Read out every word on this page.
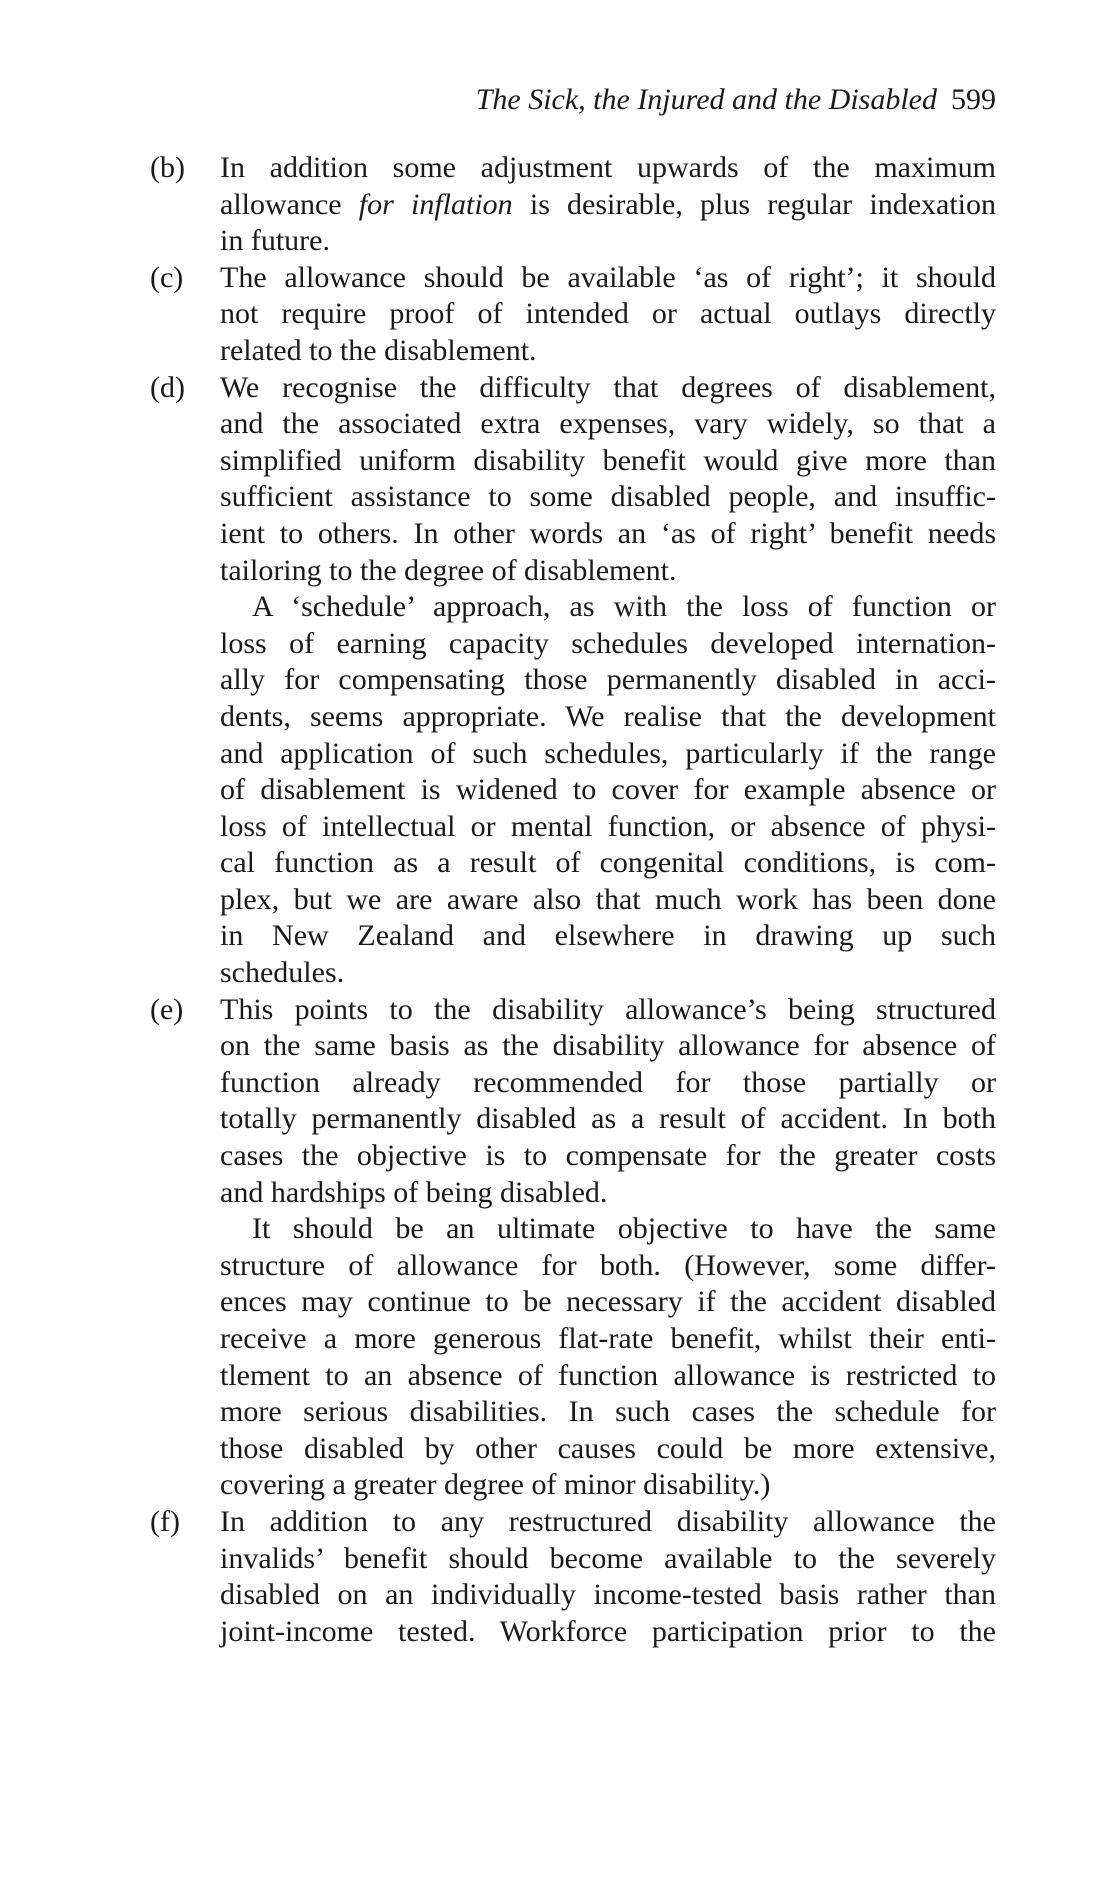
The Sick, the Injured and the Disabled 599
(b)	In addition some adjustment upwards of the maximum
allowance for inflation is desirable, plus regular indexation
in future.
(c)	The allowance should be available ‘as of right’; it should
not require proof of intended or actual outlays directly
related to the disablement.
(d)	We recognise the difficulty that degrees of disablement,
and the associated extra expenses, vary widely, so that a
simplified uniform disability benefit would give more than
sufficient assistance to some disabled people, and insuffic-
ient to others. In other words an ‘as of right’ benefit needs
tailoring to the degree of disablement.

A ‘schedule’ approach, as with the loss of function or
loss of earning capacity schedules developed internation-
ally for compensating those permanently disabled in acci-
dents, seems appropriate. We realise that the development
and application of such schedules, particularly if the range
of disablement is widened to cover for example absence or
loss of intellectual or mental function, or absence of physi-
cal function as a result of congenital conditions, is com-
plex, but we are aware also that much work has been done
in New Zealand and elsewhere in drawing up such
schedules.

(e)	This points to the disability allowance’s being structured
on the same basis as the disability allowance for absence of
function already recommended for those partially or
totally permanently disabled as a result of accident. In both
cases the objective is to compensate for the greater costs
and hardships of being disabled.

It should be an ultimate objective to have the same
structure of allowance for both. (However, some differ-
ences may continue to be necessary if the accident disabled
receive a more generous flat-rate benefit, whilst their enti-
tlement to an absence of function allowance is restricted to
more serious disabilities. In such cases the schedule for
those disabled by other causes could be more extensive,
covering a greater degree of minor disability.)

(f)	In addition to any restructured disability allowance the
invalids’ benefit should become available to the severely
disabled on an individually income-tested basis rather than
joint-income tested. Workforce participation prior to the
